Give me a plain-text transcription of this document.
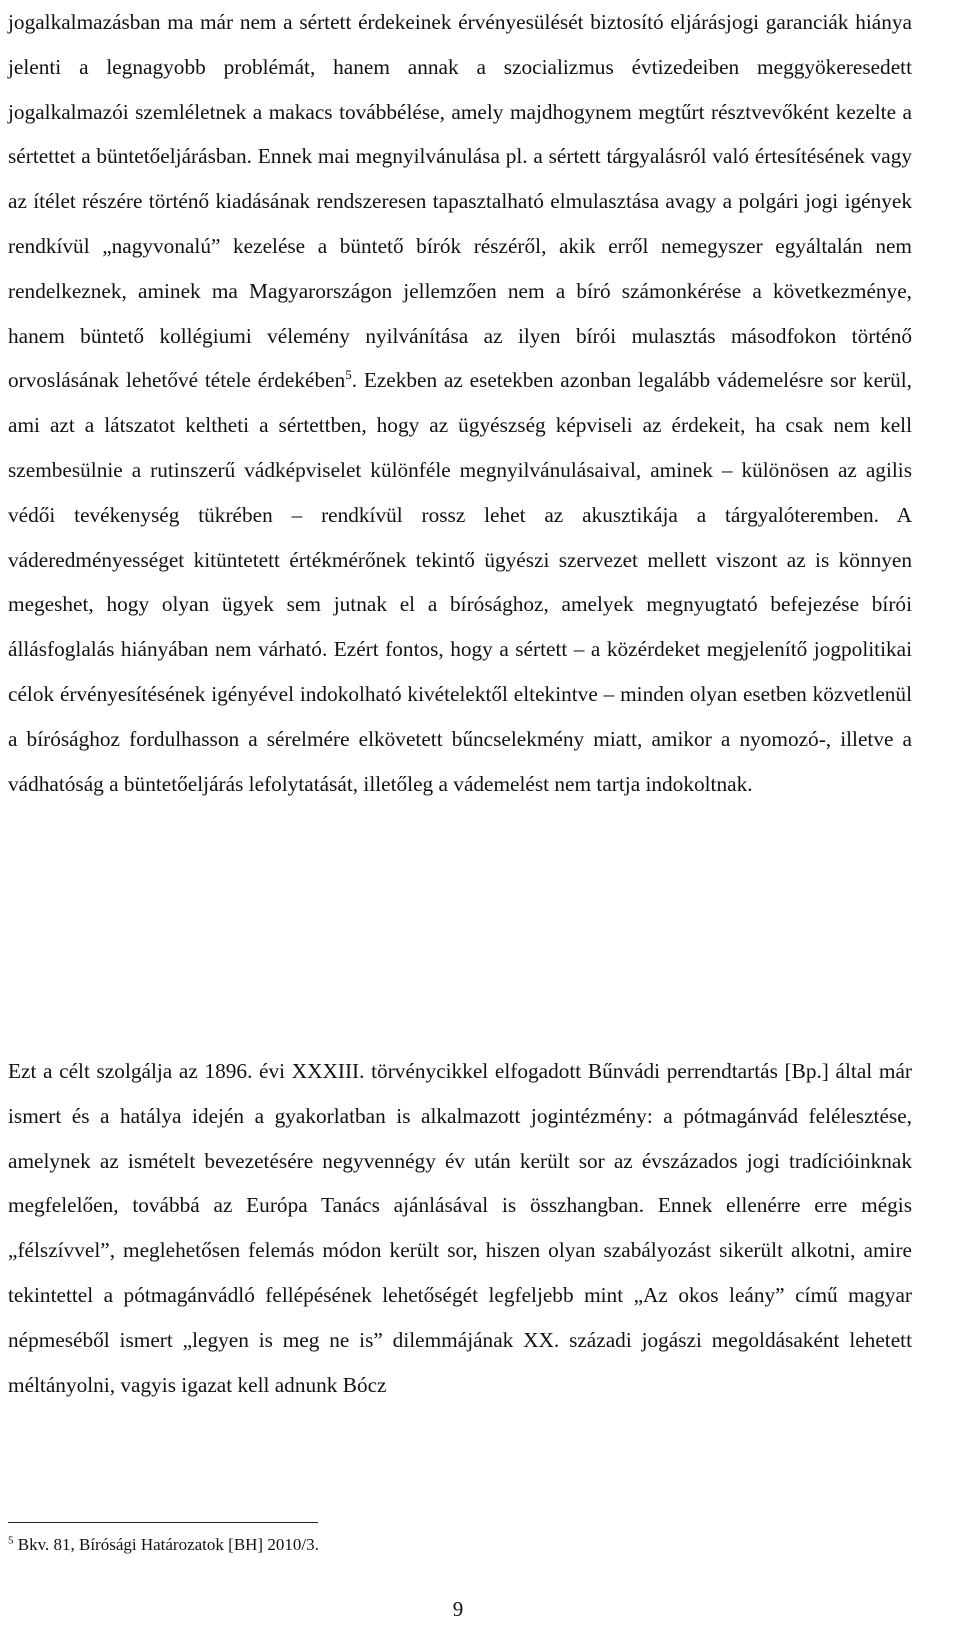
jogalkalmazásban ma már nem a sértett érdekeinek érvényesülését biztosító eljárásjogi garanciák hiánya jelenti a legnagyobb problémát, hanem annak a szocializmus évtizedeiben meggyökeresedett jogalkalmazói szemléletnek a makacs továbbélése, amely majdhogynem megtűrt résztvevőként kezelte a sértettet a büntetőeljárásban. Ennek mai megnyilvánulása pl. a sértett tárgyalásról való értesítésének vagy az ítélet részére történő kiadásának rendszeresen tapasztalható elmulasztása avagy a polgári jogi igények rendkívül „nagyvonalú” kezelése a büntető bírók részéről, akik erről nemegyszer egyáltalán nem rendelkeznek, aminek ma Magyarországon jellemzően nem a bíró számonkérése a következménye, hanem büntető kollégiumi vélemény nyilvánítása az ilyen bírói mulasztás másodfokon történő orvoslásának lehetővé tétele érdekében$^5$. Ezekben az esetekben azonban legalább vádemelésre sor kerül, ami azt a látszatot keltheti a sértettben, hogy az ügyészség képviseli az érdekeit, ha csak nem kell szembesülnie a rutinszerű vádképviselet különféle megnyilvánulásaival, aminek – különösen az agilis védői tevékenység tükrében – rendkívül rossz lehet az akusztikája a tárgyalóteremben. A váderedményességet kitüntetett értékmérőnek tekintő ügyészi szervezet mellett viszont az is könnyen megeshet, hogy olyan ügyek sem jutnak el a bírósághoz, amelyek megnyugtató befejezése bírói állásfoglalás hiányában nem várható. Ezért fontos, hogy a sértett – a közérdeket megjelenítő jogpolitikai célok érvényesítésének igényével indokolható kivételektől eltekintve – minden olyan esetben közvetlenül a bírósághoz fordulhasson a sérelmére elkövetett bűncselekmény miatt, amikor a nyomozó-, illetve a vádhatóság a büntetőeljárás lefolytatását, illetőleg a vádemelést nem tartja indokoltnak.

Ezt a célt szolgálja az 1896. évi XXXIII. törvénycikkel elfogadott Bűnvádi perrendtartás [Bp.] által már ismert és a hatálya idején a gyakorlatban is alkalmazott jogintézmény: a pótmagánvád felélesztése, amelynek az ismételt bevezetésére negyvennégy év után került sor az évszázados jogi tradícióinknak megfelelően, továbbá az Európa Tanács ajánlásával is összhangban. Ennek ellenérre erre mégis „félszívvel”, meglehetősen felemás módon került sor, hiszen olyan szabályozást sikerült alkotni, amire tekintettel a pótmagánvádló fellépésének lehetőségét legfeljebb mint „Az okos leány” című magyar népmeséből ismert „legyen is meg ne is” dilemmájának XX. századi jogászi megoldásaként lehetett méltányolni, vagyis igazat kell adnunk Bócz

$^5$ Bkv. 81, Bírósági Határozatok [BH] 2010/3.

9
